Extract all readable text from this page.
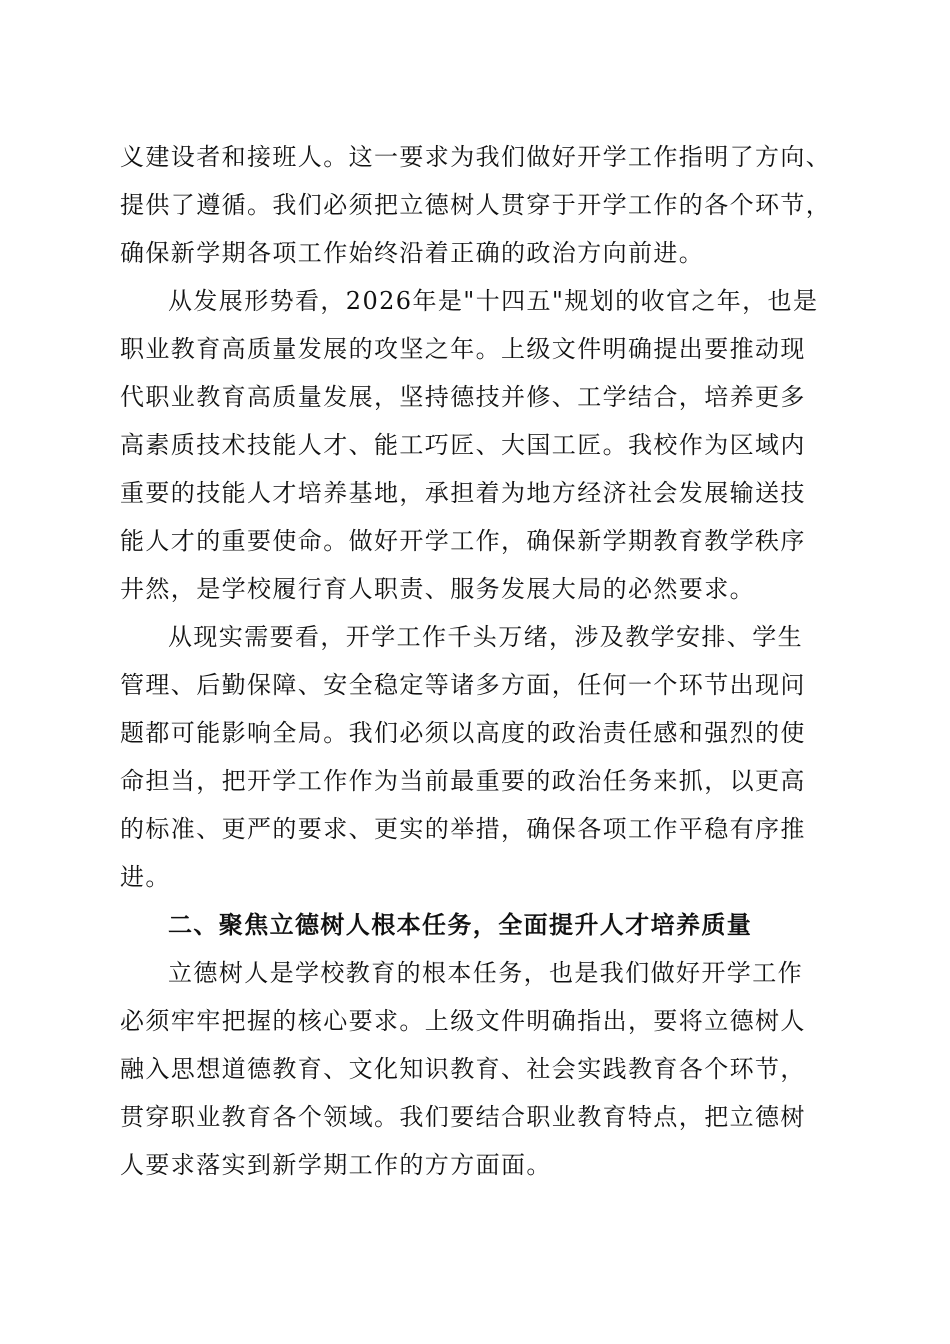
义建设者和接班人。这一要求为我们做好开学工作指明了方向、
提供了遵循。我们必须把立德树人贯穿于开学工作的各个环节，
确保新学期各项工作始终沿着正确的政治方向前进。
从发展形势看，2026年是"十四五"规划的收官之年，也是
职业教育高质量发展的攻坚之年。上级文件明确提出要推动现
代职业教育高质量发展，坚持德技并修、工学结合，培养更多
高素质技术技能人才、能工巧匠、大国工匠。我校作为区域内
重要的技能人才培养基地，承担着为地方经济社会发展输送技
能人才的重要使命。做好开学工作，确保新学期教育教学秩序
井然，是学校履行育人职责、服务发展大局的必然要求。
从现实需要看，开学工作千头万绪，涉及教学安排、学生
管理、后勤保障、安全稳定等诸多方面，任何一个环节出现问
题都可能影响全局。我们必须以高度的政治责任感和强烈的使
命担当，把开学工作作为当前最重要的政治任务来抓，以更高
的标准、更严的要求、更实的举措，确保各项工作平稳有序推
进。
二、聚焦立德树人根本任务，全面提升人才培养质量
立德树人是学校教育的根本任务，也是我们做好开学工作
必须牢牢把握的核心要求。上级文件明确指出，要将立德树人
融入思想道德教育、文化知识教育、社会实践教育各个环节，
贯穿职业教育各个领域。我们要结合职业教育特点，把立德树
人要求落实到新学期工作的方方面面。
